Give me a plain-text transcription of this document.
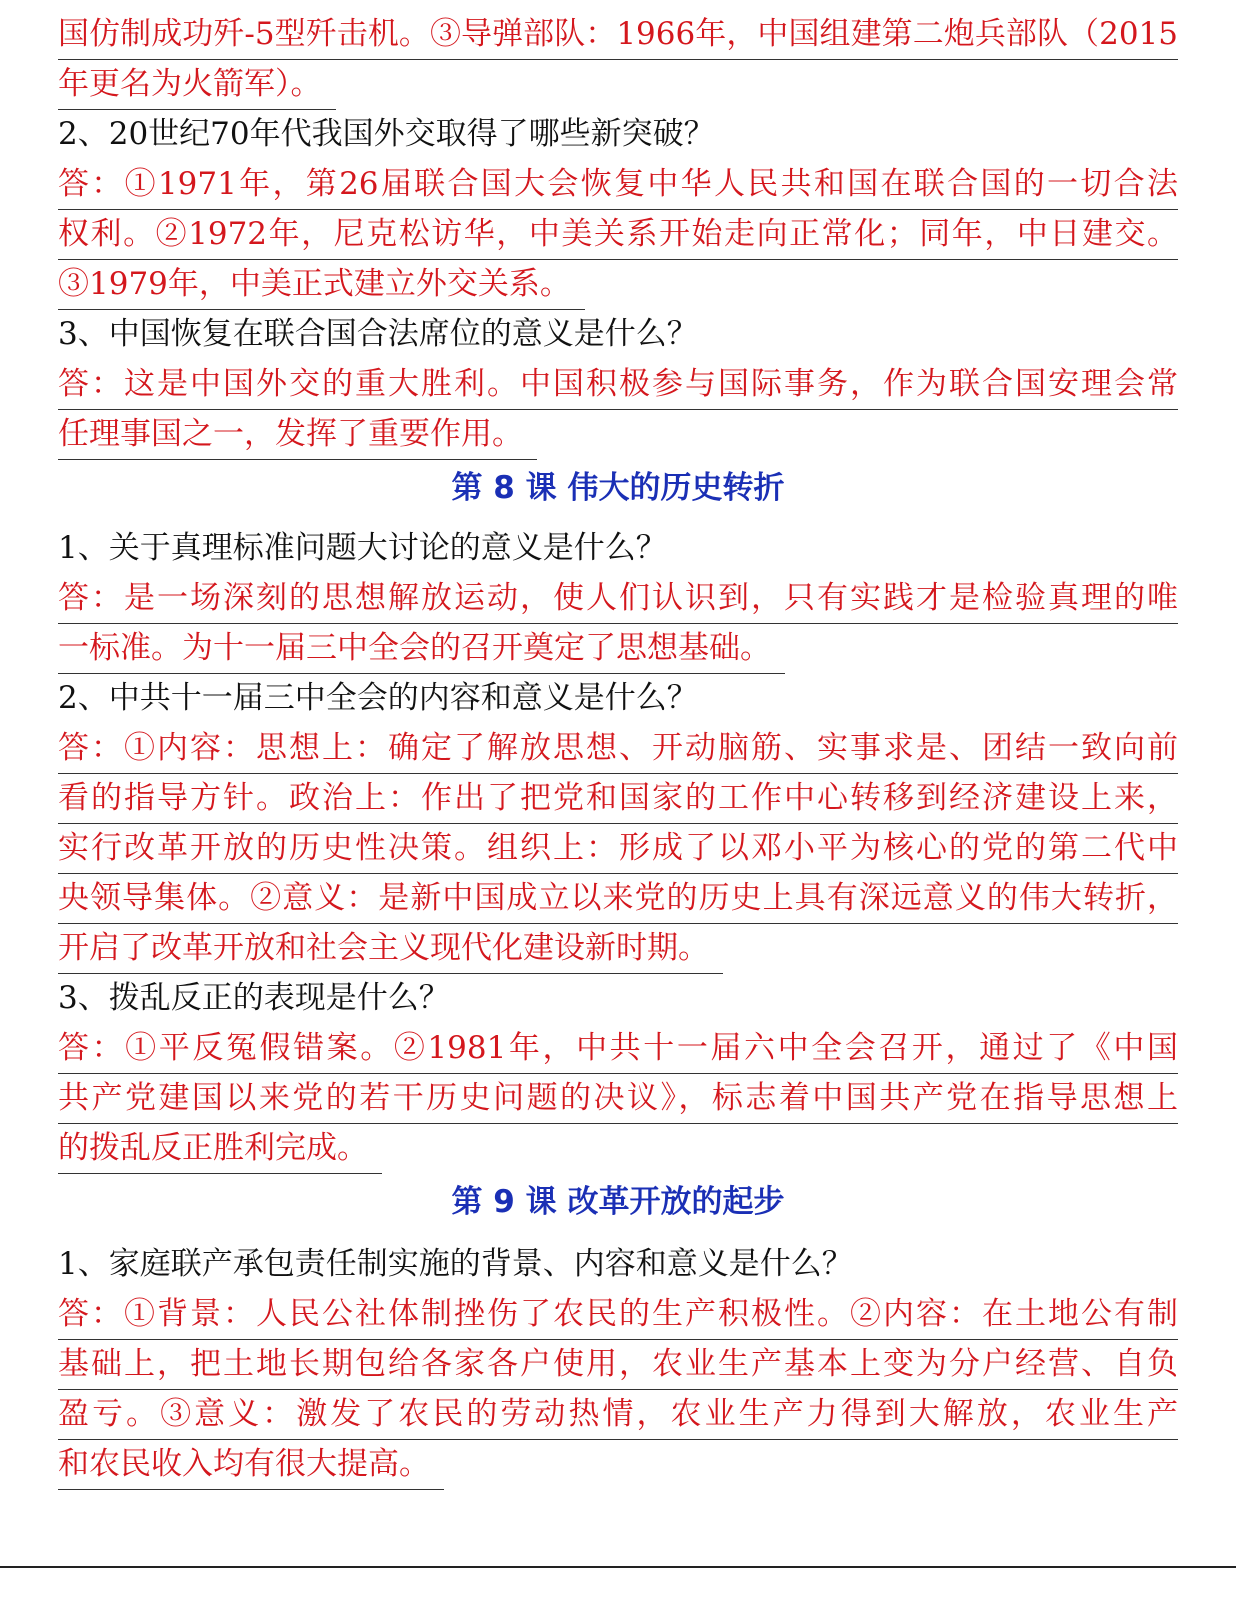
国仿制成功歼-5型歼击机。③导弹部队：1966年，中国组建第二炮兵部队（2015
年更名为火箭军）。
2、20世纪70年代我国外交取得了哪些新突破？
答：①1971年，第26届联合国大会恢复中华人民共和国在联合国的一切合法
权利。②1972年，尼克松访华，中美关系开始走向正常化；同年，中日建交。
③1979年，中美正式建立外交关系。
3、中国恢复在联合国合法席位的意义是什么？
答：这是中国外交的重大胜利。中国积极参与国际事务，作为联合国安理会常
任理事国之一，发挥了重要作用。
第 8 课 伟大的历史转折
1、关于真理标准问题大讨论的意义是什么？
答：是一场深刻的思想解放运动，使人们认识到，只有实践才是检验真理的唯
一标准。为十一届三中全会的召开奠定了思想基础。
2、中共十一届三中全会的内容和意义是什么？
答：①内容：思想上：确定了解放思想、开动脑筋、实事求是、团结一致向前
看的指导方针。政治上：作出了把党和国家的工作中心转移到经济建设上来，
实行改革开放的历史性决策。组织上：形成了以邓小平为核心的党的第二代中
央领导集体。②意义：是新中国成立以来党的历史上具有深远意义的伟大转折，
开启了改革开放和社会主义现代化建设新时期。
3、拨乱反正的表现是什么？
答：①平反冤假错案。②1981年，中共十一届六中全会召开，通过了《中国
共产党建国以来党的若干历史问题的决议》，标志着中国共产党在指导思想上
的拨乱反正胜利完成。
第 9 课 改革开放的起步
1、家庭联产承包责任制实施的背景、内容和意义是什么？
答：①背景：人民公社体制挫伤了农民的生产积极性。②内容：在土地公有制
基础上，把土地长期包给各家各户使用，农业生产基本上变为分户经营、自负
盈亏。③意义：激发了农民的劳动热情，农业生产力得到大解放，农业生产
和农民收入均有很大提高。
